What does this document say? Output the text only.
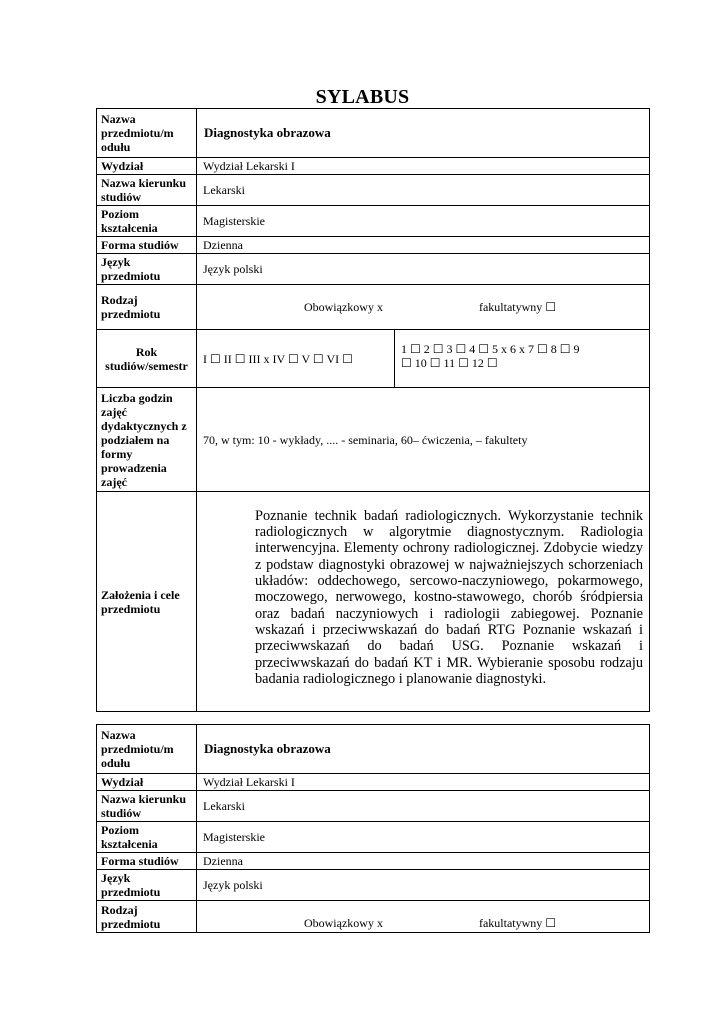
SYLABUS
Nazwa przedmiotu/m odułu	Diagnostyka obrazowa	
Wydział	Wydział Lekarski I	
Nazwa kierunku studiów	Lekarski	
Poziom kształcenia	Magisterskie	
Forma studiów	Dzienna	
Język przedmiotu	Język polski	
Rodzaj przedmiotu	Obowiązkowy x fakultatywny ☐	

Rok studiów/semestr	I ☐ II ☐ III x IV ☐ V ☐ VI ☐	1 ☐ 2 ☐ 3 ☐ 4 ☐ 5 x 6 x 7 ☐ 8 ☐ 9
☐ 10 ☐ 11 ☐ 12 ☐

Liczba godzin zajęć dydaktycznych z podziałem na formy prowadzenia zajęć	70, w tym: 10 - wykłady, .... - seminaria, 60– ćwiczenia, – fakultety	
Założenia i cele przedmiotu	Poznanie technik badań radiologicznych. Wykorzystanie technik radiologicznych w algorytmie diagnostycznym. Radiologia interwencyjna. Elementy ochrony radiologicznej. Zdobycie wiedzy z podstaw diagnostyki obrazowej w najważniejszych schorzeniach układów: oddechowego, sercowo-naczyniowego, pokarmowego, moczowego, nerwowego, kostno-stawowego, chorób śródpiersia oraz badań naczyniowych i radiologii zabiegowej. Poznanie wskazań i przeciwwskazań do badań RTG Poznanie wskazań i przeciwwskazań do badań USG. Poznanie wskazań i przeciwwskazań do badań KT i MR. Wybieranie sposobu rodzaju badania radiologicznego i planowanie diagnostyki.	
Nazwa przedmiotu/m odułu	Diagnostyka obrazowa
Wydział	Wydział Lekarski I
Nazwa kierunku studiów	Lekarski
Poziom kształcenia	Magisterskie
Forma studiów	Dzienna
Język przedmiotu	Język polski
Rodzaj przedmiotu	Obowiązkowy x fakultatywny ☐
